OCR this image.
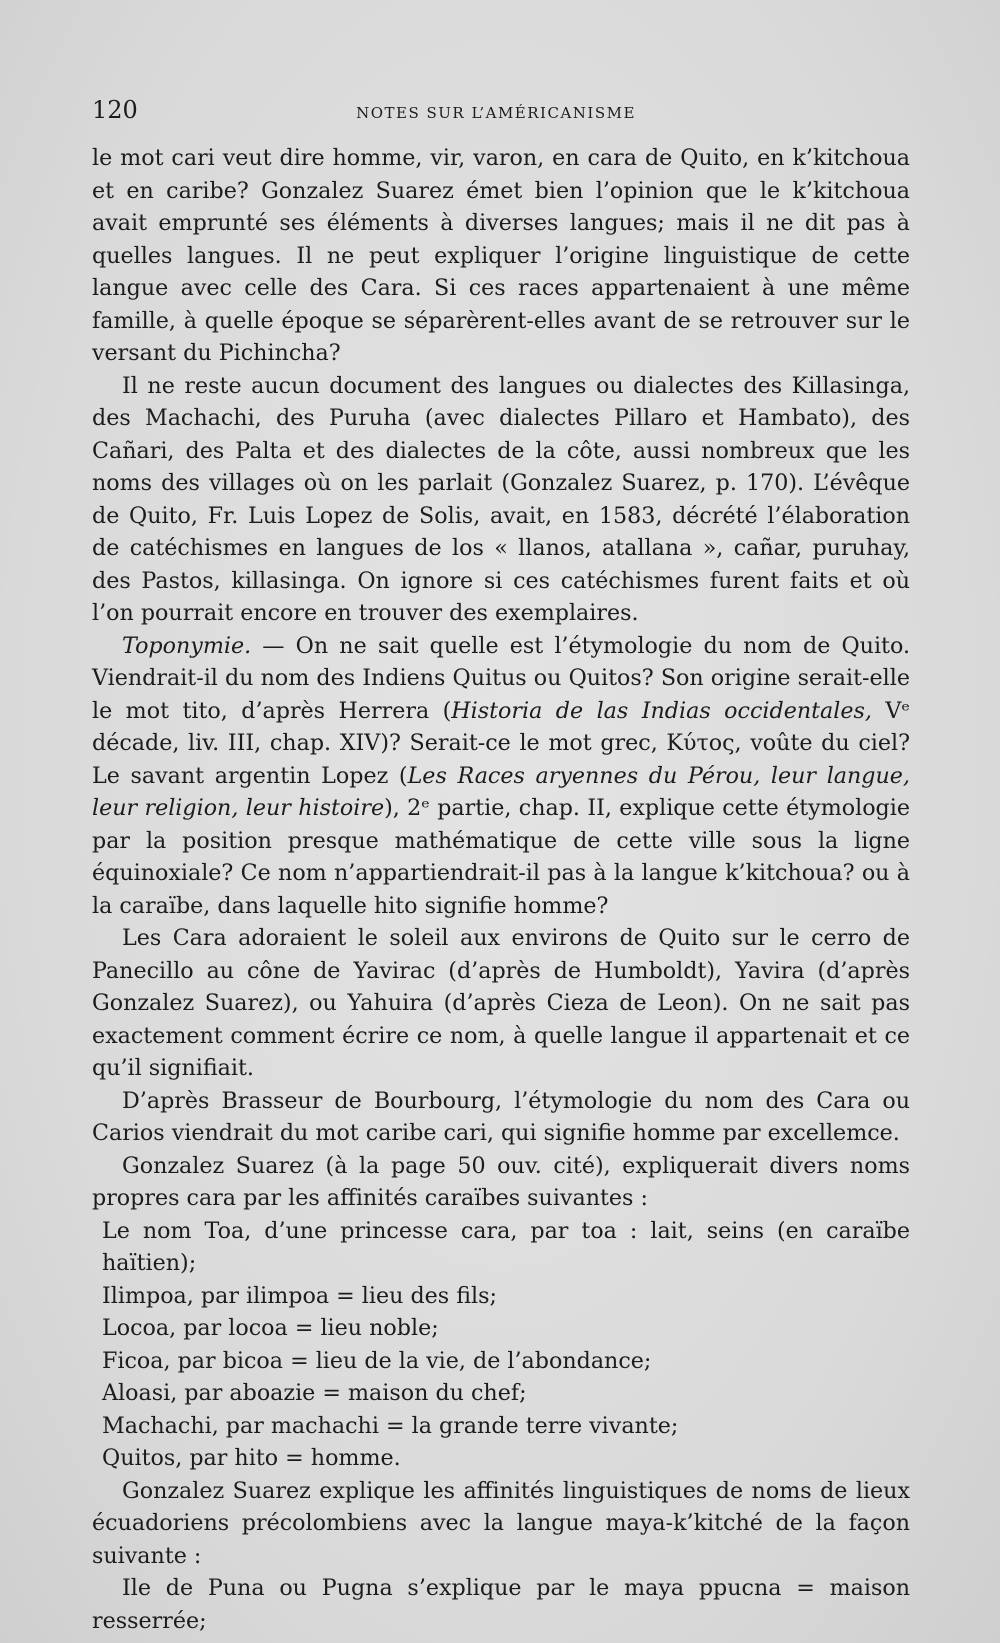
120	NOTES SUR L’AMÉRICANISME

le mot cari veut dire homme, vir, varon, en cara de Quito, en k’kitchoua et en caribe? Gonzalez Suarez émet bien l’opinion que le k’kitchoua avait emprunté ses éléments à diverses langues; mais il ne dit pas à quelles langues. Il ne peut expliquer l’origine linguistique de cette langue avec celle des Cara. Si ces races appartenaient à une même famille, à quelle époque se séparèrent-elles avant de se retrouver sur le versant du Pichincha?

Il ne reste aucun document des langues ou dialectes des Killasinga, des Machachi, des Puruha (avec dialectes Pillaro et Hambato), des Cañari, des Palta et des dialectes de la côte, aussi nombreux que les noms des villages où on les parlait (Gonzalez Suarez, p. 170). L’évêque de Quito, Fr. Luis Lopez de Solis, avait, en 1583, décrété l’élaboration de catéchismes en langues de los « llanos, atallana », cañar, puruhay, des Pastos, killasinga. On ignore si ces catéchismes furent faits et où l’on pourrait encore en trouver des exemplaires.

Toponymie. — On ne sait quelle est l’étymologie du nom de Quito. Viendrait-il du nom des Indiens Quitus ou Quitos? Son origine serait-elle le mot tito, d’après Herrera (Historia de las Indias occidentales, Vᵉ décade, liv. III, chap. XIV)? Serait-ce le mot grec, Κύτος, voûte du ciel? Le savant argentin Lopez (Les Races aryennes du Pérou, leur langue, leur religion, leur histoire), 2ᵉ partie, chap. II, explique cette étymologie par la position presque mathématique de cette ville sous la ligne équinoxiale? Ce nom n’appartiendrait-il pas à la langue k’kitchoua? ou à la caraïbe, dans laquelle hito signifie homme?

Les Cara adoraient le soleil aux environs de Quito sur le cerro de Panecillo au cône de Yavirac (d’après de Humboldt), Yavira (d’après Gonzalez Suarez), ou Yahuira (d’après Cieza de Leon). On ne sait pas exactement comment écrire ce nom, à quelle langue il appartenait et ce qu’il signifiait.

D’après Brasseur de Bourbourg, l’étymologie du nom des Cara ou Carios viendrait du mot caribe cari, qui signifie homme par excellemce.

Gonzalez Suarez (à la page 50 ouv. cité), expliquerait divers noms propres cara par les affinités caraïbes suivantes :

Le nom Toa, d’une princesse cara, par toa : lait, seins (en caraïbe haïtien);

Ilimpoa, par ilimpoa = lieu des fils;

Locoa, par locoa = lieu noble;

Ficoa, par bicoa = lieu de la vie, de l’abondance;

Aloasi, par aboazie = maison du chef;

Machachi, par machachi = la grande terre vivante;

Quitos, par hito = homme.

Gonzalez Suarez explique les affinités linguistiques de noms de lieux écuadoriens précolombiens avec la langue maya-k’kitché de la façon suivante :

Ile de Puna ou Pugna s’explique par le maya ppucna = maison resserrée;
